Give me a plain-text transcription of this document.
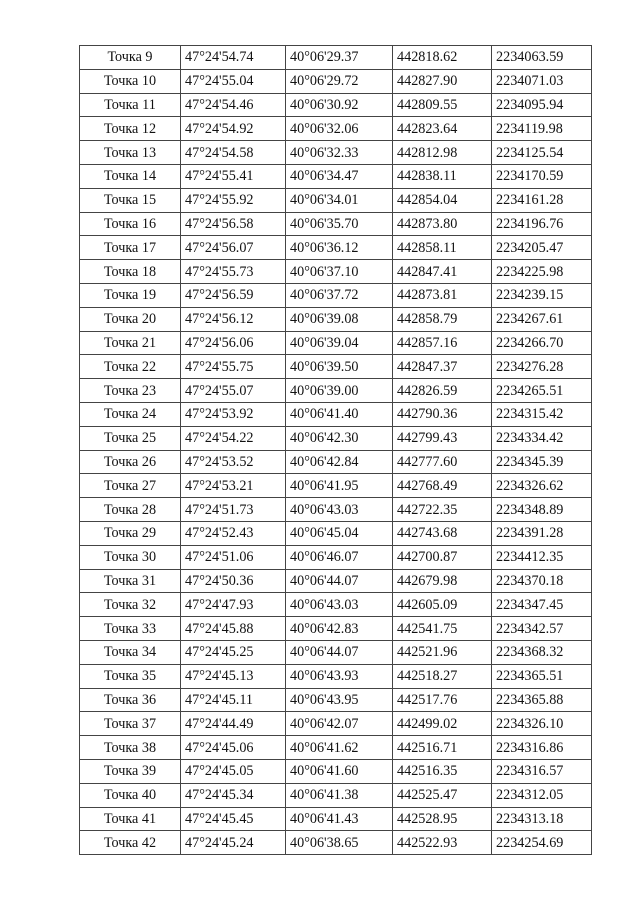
Точка 9	47°24'54.74	40°06'29.37	442818.62	2234063.59
Точка 10	47°24'55.04	40°06'29.72	442827.90	2234071.03
Точка 11	47°24'54.46	40°06'30.92	442809.55	2234095.94
Точка 12	47°24'54.92	40°06'32.06	442823.64	2234119.98
Точка 13	47°24'54.58	40°06'32.33	442812.98	2234125.54
Точка 14	47°24'55.41	40°06'34.47	442838.11	2234170.59
Точка 15	47°24'55.92	40°06'34.01	442854.04	2234161.28
Точка 16	47°24'56.58	40°06'35.70	442873.80	2234196.76
Точка 17	47°24'56.07	40°06'36.12	442858.11	2234205.47
Точка 18	47°24'55.73	40°06'37.10	442847.41	2234225.98
Точка 19	47°24'56.59	40°06'37.72	442873.81	2234239.15
Точка 20	47°24'56.12	40°06'39.08	442858.79	2234267.61
Точка 21	47°24'56.06	40°06'39.04	442857.16	2234266.70
Точка 22	47°24'55.75	40°06'39.50	442847.37	2234276.28
Точка 23	47°24'55.07	40°06'39.00	442826.59	2234265.51
Точка 24	47°24'53.92	40°06'41.40	442790.36	2234315.42
Точка 25	47°24'54.22	40°06'42.30	442799.43	2234334.42
Точка 26	47°24'53.52	40°06'42.84	442777.60	2234345.39
Точка 27	47°24'53.21	40°06'41.95	442768.49	2234326.62
Точка 28	47°24'51.73	40°06'43.03	442722.35	2234348.89
Точка 29	47°24'52.43	40°06'45.04	442743.68	2234391.28
Точка 30	47°24'51.06	40°06'46.07	442700.87	2234412.35
Точка 31	47°24'50.36	40°06'44.07	442679.98	2234370.18
Точка 32	47°24'47.93	40°06'43.03	442605.09	2234347.45
Точка 33	47°24'45.88	40°06'42.83	442541.75	2234342.57
Точка 34	47°24'45.25	40°06'44.07	442521.96	2234368.32
Точка 35	47°24'45.13	40°06'43.93	442518.27	2234365.51
Точка 36	47°24'45.11	40°06'43.95	442517.76	2234365.88
Точка 37	47°24'44.49	40°06'42.07	442499.02	2234326.10
Точка 38	47°24'45.06	40°06'41.62	442516.71	2234316.86
Точка 39	47°24'45.05	40°06'41.60	442516.35	2234316.57
Точка 40	47°24'45.34	40°06'41.38	442525.47	2234312.05
Точка 41	47°24'45.45	40°06'41.43	442528.95	2234313.18
Точка 42	47°24'45.24	40°06'38.65	442522.93	2234254.69
